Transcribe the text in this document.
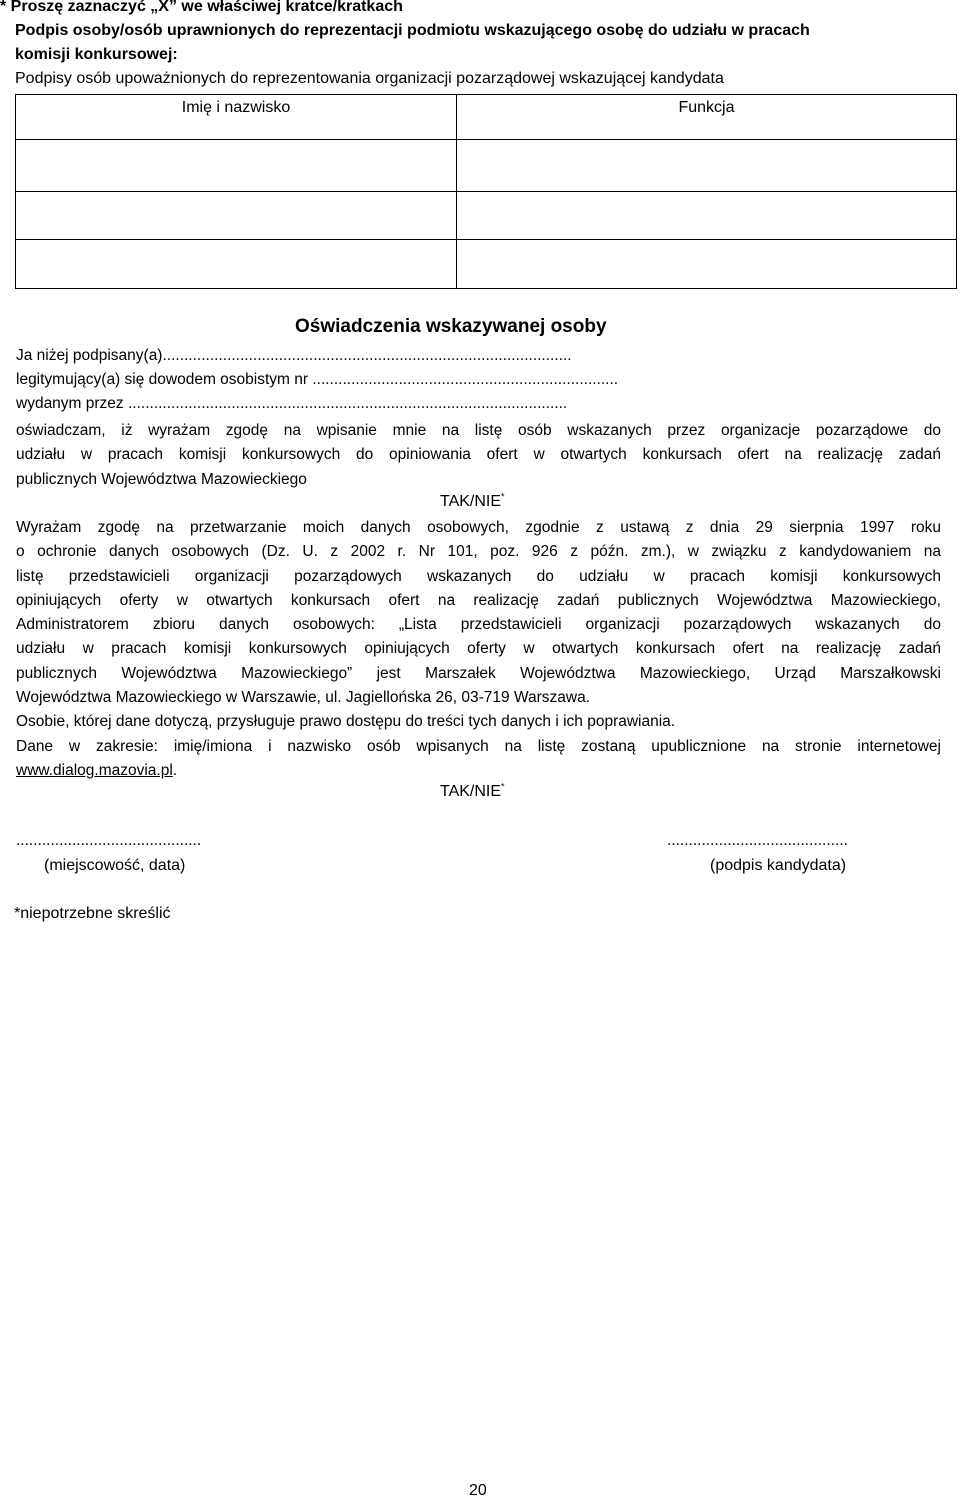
* Proszę zaznaczyć „X” we właściwej kratce/kratkach
Podpis osoby/osób uprawnionych do reprezentacji podmiotu wskazującego osobę do udziału w pracach
komisji konkursowej:
Podpisy osób upoważnionych do reprezentowania organizacji pozarządowej wskazującej kandydata
Imię i nazwisko	Funkcja

Oświadczenia wskazywanej osoby
Ja niżej podpisany(a)...............................................................................................
legitymujący(a) się dowodem osobistym nr .......................................................................
wydanym przez ......................................................................................................

oświadczam, iż wyrażam zgodę na wpisanie mnie na listę osób wskazanych przez organizacje pozarządowe do

udziału w pracach komisji konkursowych do opiniowania ofert w otwartych konkursach ofert na realizację zadań

publicznych Województwa Mazowieckiego

TAK/NIE*

Wyrażam zgodę na przetwarzanie moich danych osobowych, zgodnie z ustawą z dnia 29 sierpnia 1997 roku

o ochronie danych osobowych (Dz. U. z 2002 r. Nr 101, poz. 926 z późn. zm.), w związku z kandydowaniem na

listę przedstawicieli organizacji pozarządowych wskazanych do udziału w pracach komisji konkursowych

opiniujących oferty w otwartych konkursach ofert na realizację zadań publicznych Województwa Mazowieckiego,

Administratorem zbioru danych osobowych: „Lista przedstawicieli organizacji pozarządowych wskazanych do

udziału w pracach komisji konkursowych opiniujących oferty w otwartych konkursach ofert na realizację zadań

publicznych Województwa Mazowieckiego” jest Marszałek Województwa Mazowieckiego, Urząd Marszałkowski

Województwa Mazowieckiego w Warszawie, ul. Jagiellońska 26, 03-719 Warszawa.

Osobie, której dane dotyczą, przysługuje prawo dostępu do treści tych danych i ich poprawiania.

Dane w zakresie: imię/imiona i nazwisko osób wpisanych na listę zostaną upublicznione na stronie internetowej

www.dialog.mazovia.pl.

TAK/NIE*
...........................................
(miejscowość, data)
..........................................
(podpis kandydata)
*niepotrzebne skreślić
20
